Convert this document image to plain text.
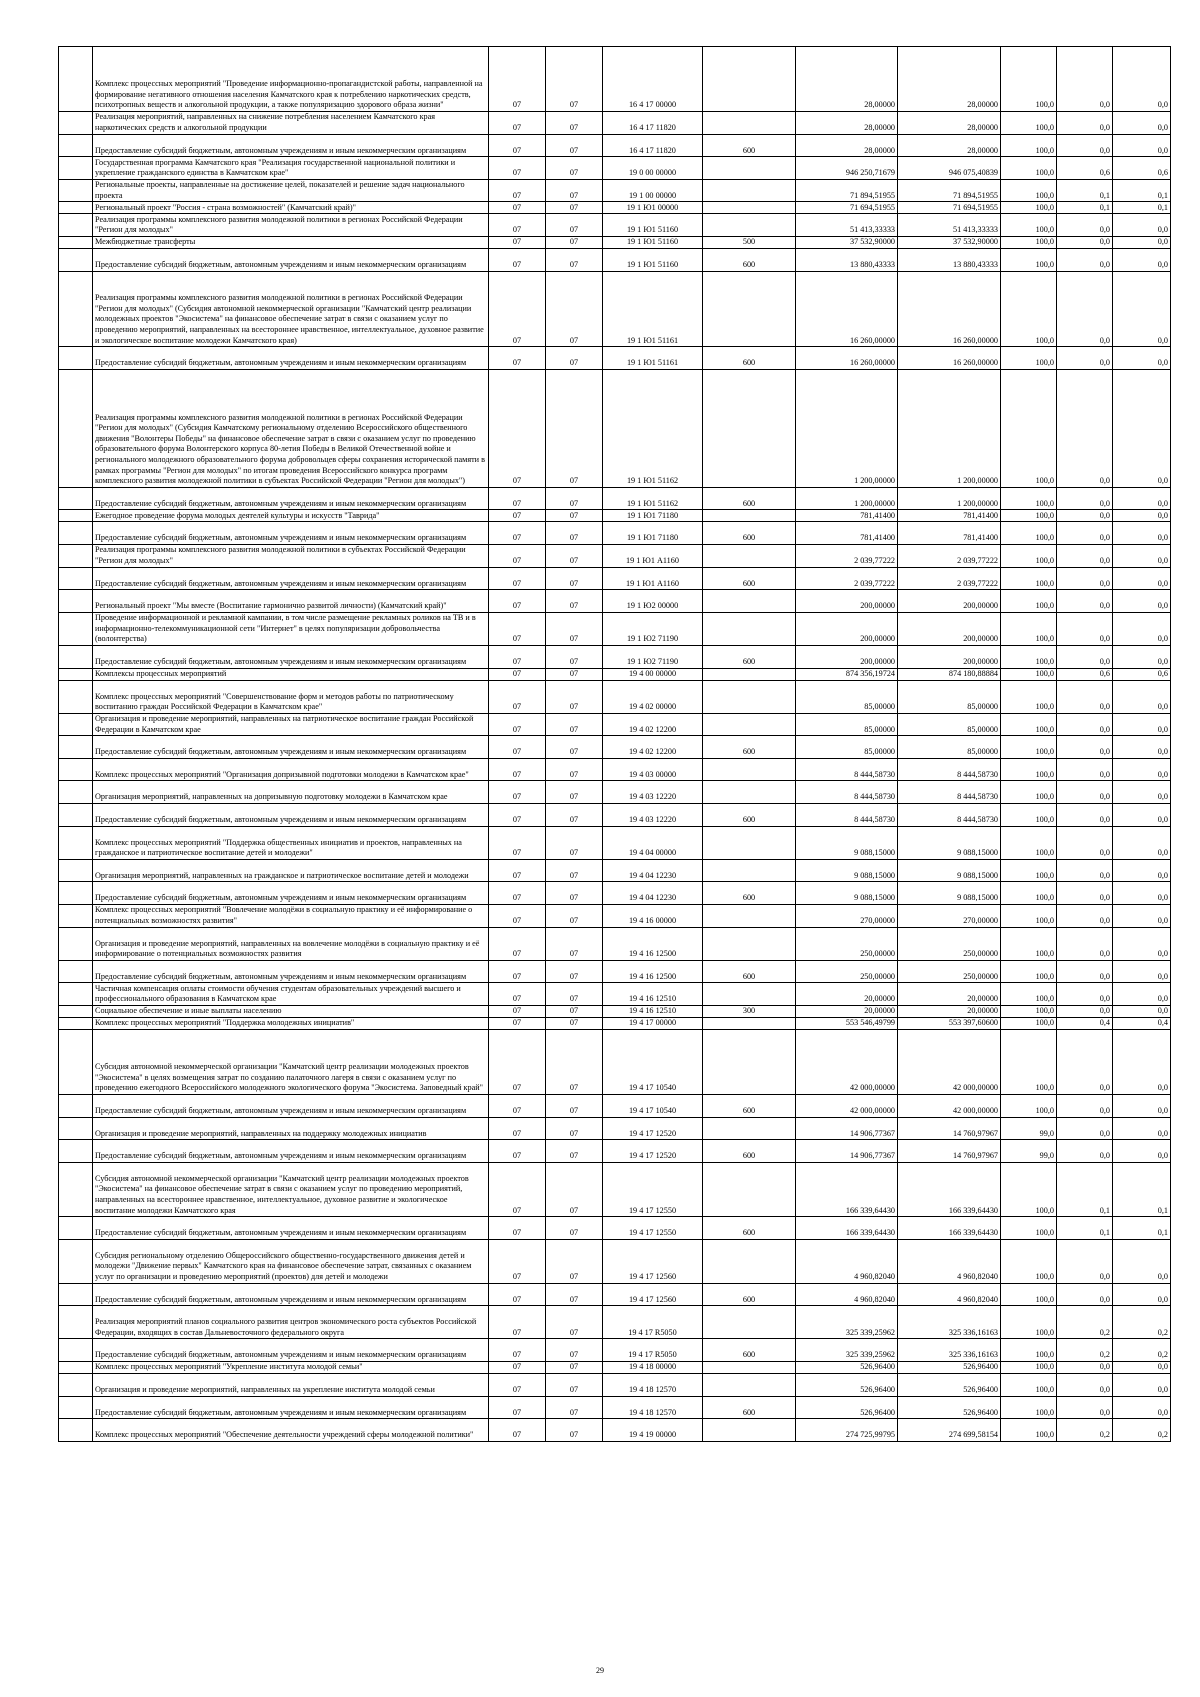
	Комплекс процессных мероприятий "Проведение информационно-пропагандистской работы, направленной на формирование негативного отношения населения Камчатского края к потреблению наркотических средств, психотропных веществ и алкогольной продукции, а также популяризацию здорового образа жизни"	07	07	16 4 17 00000		28,00000	28,00000	100,0	0,0	0,0
	Реализация мероприятий, направленных на снижение потребления населением Камчатского края наркотических средств и алкогольной продукции	07	07	16 4 17 11820		28,00000	28,00000	100,0	0,0	0,0
	Предоставление субсидий бюджетным, автономным учреждениям и иным некоммерческим организациям	07	07	16 4 17 11820	600	28,00000	28,00000	100,0	0,0	0,0
	Государственная программа Камчатского края "Реализация государственной национальной политики и укрепление гражданского единства в Камчатском крае"	07	07	19 0 00 00000		946 250,71679	946 075,40839	100,0	0,6	0,6
	Региональные проекты, направленные на достижение целей, показателей и решение задач национального проекта	07	07	19 1 00 00000		71 894,51955	71 894,51955	100,0	0,1	0,1
	Региональный проект "Россия - страна возможностей" (Камчатский край)"	07	07	19 1 Ю1 00000		71 694,51955	71 694,51955	100,0	0,1	0,1
	Реализация программы комплексного развития молодежной политики в регионах Российской Федерации "Регион для молодых"	07	07	19 1 Ю1 51160		51 413,33333	51 413,33333	100,0	0,0	0,0
	Межбюджетные трансферты	07	07	19 1 Ю1 51160	500	37 532,90000	37 532,90000	100,0	0,0	0,0
	Предоставление субсидий бюджетным, автономным учреждениям и иным некоммерческим организациям	07	07	19 1 Ю1 51160	600	13 880,43333	13 880,43333	100,0	0,0	0,0
	Реализация программы комплексного развития молодежной политики в регионах Российской Федерации "Регион для молодых" (Субсидия автономной некоммерческой организации "Камчатский центр реализации молодежных проектов "Экосистема" на финансовое обеспечение затрат в связи с оказанием услуг по проведению мероприятий, направленных на всестороннее нравственное, интеллектуальное, духовное развитие и экологическое воспитание молодежи Камчатского края)	07	07	19 1 Ю1 51161		16 260,00000	16 260,00000	100,0	0,0	0,0
	Предоставление субсидий бюджетным, автономным учреждениям и иным некоммерческим организациям	07	07	19 1 Ю1 51161	600	16 260,00000	16 260,00000	100,0	0,0	0,0
	Реализация программы комплексного развития молодежной политики в регионах Российской Федерации "Регион для молодых" (Субсидия Камчатскому региональному отделению Всероссийского общественного движения "Волонтеры Победы" на финансовое обеспечение затрат в связи с оказанием услуг по проведению образовательного форума Волонтерского корпуса 80-летия Победы в Великой Отечественной войне и регионального молодежного образовательного форума добровольцев сферы сохранения исторической памяти в рамках программы "Регион для молодых" по итогам проведения Всероссийского конкурса программ комплексного развития молодежной политики в субъектах Российской Федерации "Регион для молодых")	07	07	19 1 Ю1 51162		1 200,00000	1 200,00000	100,0	0,0	0,0
	Предоставление субсидий бюджетным, автономным учреждениям и иным некоммерческим организациям	07	07	19 1 Ю1 51162	600	1 200,00000	1 200,00000	100,0	0,0	0,0
	Ежегодное проведение форума молодых деятелей культуры и искусств "Таврида"	07	07	19 1 Ю1 71180		781,41400	781,41400	100,0	0,0	0,0
	Предоставление субсидий бюджетным, автономным учреждениям и иным некоммерческим организациям	07	07	19 1 Ю1 71180	600	781,41400	781,41400	100,0	0,0	0,0
	Реализация программы комплексного развития молодежной политики в субъектах Российской Федерации "Регион для молодых"	07	07	19 1 Ю1 А1160		2 039,77222	2 039,77222	100,0	0,0	0,0
	Предоставление субсидий бюджетным, автономным учреждениям и иным некоммерческим организациям	07	07	19 1 Ю1 А1160	600	2 039,77222	2 039,77222	100,0	0,0	0,0
	Региональный проект "Мы вместе (Воспитание гармонично развитой личности) (Камчатский край)"	07	07	19 1 Ю2 00000		200,00000	200,00000	100,0	0,0	0,0
	Проведение информационной и рекламной кампании, в том числе размещение рекламных роликов на ТВ и в информационно-телекоммуникационной сети "Интернет" в целях популяризации добровольчества (волонтерства)	07	07	19 1 Ю2 71190		200,00000	200,00000	100,0	0,0	0,0
	Предоставление субсидий бюджетным, автономным учреждениям и иным некоммерческим организациям	07	07	19 1 Ю2 71190	600	200,00000	200,00000	100,0	0,0	0,0
	Комплексы процессных мероприятий	07	07	19 4 00 00000		874 356,19724	874 180,88884	100,0	0,6	0,6
	Комплекс процессных мероприятий "Совершенствование форм и методов работы по патриотическому воспитанию граждан Российской Федерации в Камчатском крае"	07	07	19 4 02 00000		85,00000	85,00000	100,0	0,0	0,0
	Организация и проведение мероприятий, направленных на патриотическое воспитание граждан Российской Федерации в Камчатском крае	07	07	19 4 02 12200		85,00000	85,00000	100,0	0,0	0,0
	Предоставление субсидий бюджетным, автономным учреждениям и иным некоммерческим организациям	07	07	19 4 02 12200	600	85,00000	85,00000	100,0	0,0	0,0
	Комплекс процессных мероприятий "Организация допризывной подготовки молодежи в Камчатском крае"	07	07	19 4 03 00000		8 444,58730	8 444,58730	100,0	0,0	0,0
	Организация мероприятий, направленных на допризывную подготовку молодежи в Камчатском крае	07	07	19 4 03 12220		8 444,58730	8 444,58730	100,0	0,0	0,0
	Предоставление субсидий бюджетным, автономным учреждениям и иным некоммерческим организациям	07	07	19 4 03 12220	600	8 444,58730	8 444,58730	100,0	0,0	0,0
	Комплекс процессных мероприятий "Поддержка общественных инициатив и проектов, направленных на гражданское и патриотическое воспитание детей и молодежи"	07	07	19 4 04 00000		9 088,15000	9 088,15000	100,0	0,0	0,0
	Организация мероприятий, направленных на гражданское и патриотическое воспитание детей и молодежи	07	07	19 4 04 12230		9 088,15000	9 088,15000	100,0	0,0	0,0
	Предоставление субсидий бюджетным, автономным учреждениям и иным некоммерческим организациям	07	07	19 4 04 12230	600	9 088,15000	9 088,15000	100,0	0,0	0,0
	Комплекс процессных мероприятий "Вовлечение молодёжи в социальную практику и её информирование о потенциальных возможностях развития"	07	07	19 4 16 00000		270,00000	270,00000	100,0	0,0	0,0
	Организация и проведение мероприятий, направленных на вовлечение молодёжи в социальную практику и её информирование о потенциальных возможностях развития	07	07	19 4 16 12500		250,00000	250,00000	100,0	0,0	0,0
	Предоставление субсидий бюджетным, автономным учреждениям и иным некоммерческим организациям	07	07	19 4 16 12500	600	250,00000	250,00000	100,0	0,0	0,0
	Частичная компенсация оплаты стоимости обучения студентам образовательных учреждений высшего и профессионального образования в Камчатском крае	07	07	19 4 16 12510		20,00000	20,00000	100,0	0,0	0,0
	Социальное обеспечение и иные выплаты населению	07	07	19 4 16 12510	300	20,00000	20,00000	100,0	0,0	0,0
	Комплекс процессных мероприятий "Поддержка молодежных инициатив"	07	07	19 4 17 00000		553 546,49799	553 397,60600	100,0	0,4	0,4
	Субсидия автономной некоммерческой организации "Камчатский центр реализации молодежных проектов "Экосистема" в целях возмещения затрат по созданию палаточного лагеря в связи с оказанием услуг по проведению ежегодного Всероссийского молодежного экологического форума "Экосистема. Заповедный край"	07	07	19 4 17 10540		42 000,00000	42 000,00000	100,0	0,0	0,0
	Предоставление субсидий бюджетным, автономным учреждениям и иным некоммерческим организациям	07	07	19 4 17 10540	600	42 000,00000	42 000,00000	100,0	0,0	0,0
	Организация и проведение мероприятий, направленных на поддержку молодежных инициатив	07	07	19 4 17 12520		14 906,77367	14 760,97967	99,0	0,0	0,0
	Предоставление субсидий бюджетным, автономным учреждениям и иным некоммерческим организациям	07	07	19 4 17 12520	600	14 906,77367	14 760,97967	99,0	0,0	0,0
	Субсидия автономной некоммерческой организации "Камчатский центр реализации молодежных проектов "Экосистема" на финансовое обеспечение затрат в связи с оказанием услуг по проведению мероприятий, направленных на всестороннее нравственное, интеллектуальное, духовное развитие и экологическое воспитание молодежи Камчатского края	07	07	19 4 17 12550		166 339,64430	166 339,64430	100,0	0,1	0,1
	Предоставление субсидий бюджетным, автономным учреждениям и иным некоммерческим организациям	07	07	19 4 17 12550	600	166 339,64430	166 339,64430	100,0	0,1	0,1
	Субсидия региональному отделению Общероссийского общественно-государственного движения детей и молодежи "Движение первых" Камчатского края на финансовое обеспечение затрат, связанных с оказанием услуг по организации и проведению мероприятий (проектов) для детей и молодежи	07	07	19 4 17 12560		4 960,82040	4 960,82040	100,0	0,0	0,0
	Предоставление субсидий бюджетным, автономным учреждениям и иным некоммерческим организациям	07	07	19 4 17 12560	600	4 960,82040	4 960,82040	100,0	0,0	0,0
	Реализация мероприятий планов социального развития центров экономического роста субъектов Российской Федерации, входящих в состав Дальневосточного федерального округа	07	07	19 4 17 R5050		325 339,25962	325 336,16163	100,0	0,2	0,2
	Предоставление субсидий бюджетным, автономным учреждениям и иным некоммерческим организациям	07	07	19 4 17 R5050	600	325 339,25962	325 336,16163	100,0	0,2	0,2
	Комплекс процессных мероприятий "Укрепление института молодой семьи"	07	07	19 4 18 00000		526,96400	526,96400	100,0	0,0	0,0
	Организация и проведение мероприятий, направленных на укрепление института молодой семьи	07	07	19 4 18 12570		526,96400	526,96400	100,0	0,0	0,0
	Предоставление субсидий бюджетным, автономным учреждениям и иным некоммерческим организациям	07	07	19 4 18 12570	600	526,96400	526,96400	100,0	0,0	0,0
	Комплекс процессных мероприятий "Обеспечение деятельности учреждений сферы молодежной политики"	07	07	19 4 19 00000		274 725,99795	274 699,58154	100,0	0,2	0,2
29
